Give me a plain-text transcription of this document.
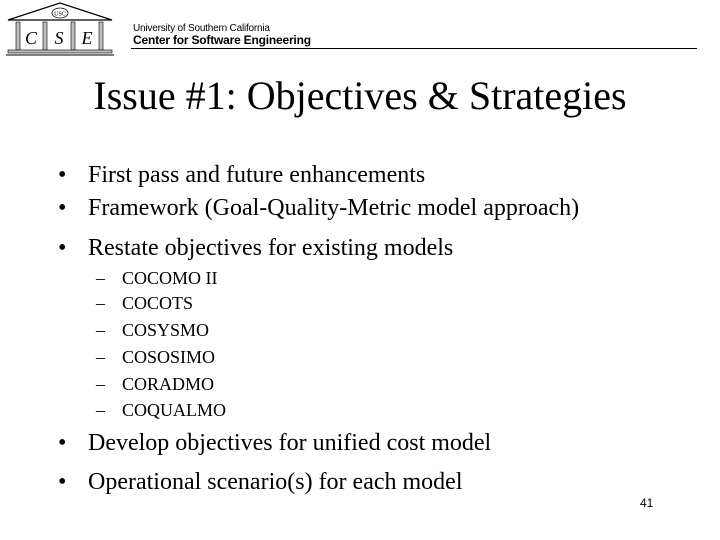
USC
C S E	University of Southern California
Center for Software Engineering
Issue #1: Objectives & Strategies
• First pass and future enhancements
• Framework (Goal-Quality-Metric model approach)
• Restate objectives for existing models
– COCOMO II
– COCOTS
– COSYSMO
– COSOSIMO
– CORADMO
– COQUALMO
• Develop objectives for unified cost model
• Operational scenario(s) for each model
41
